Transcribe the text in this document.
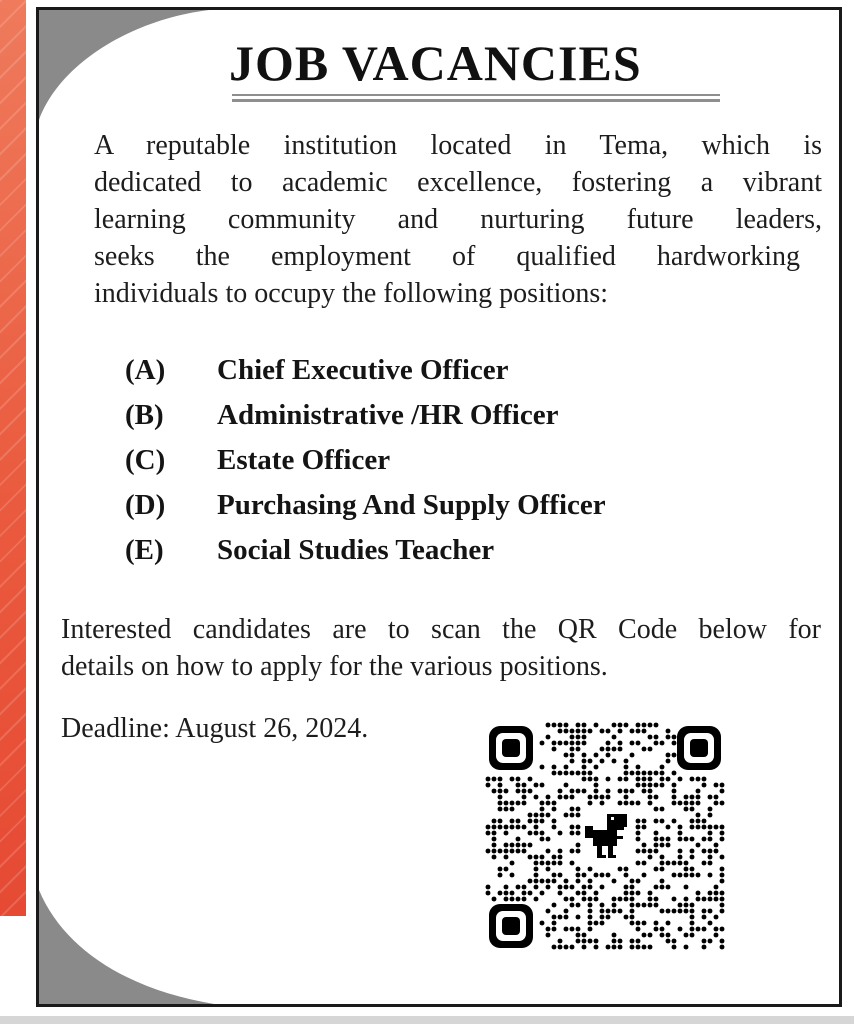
JOB VACANCIES
A reputable institution located in Tema, which is
dedicated to academic excellence, fostering a vibrant
learning community and nurturing future leaders,
seeks the employment of qualified hardworking
individuals to occupy the following positions:
(A)	Chief Executive Officer
(B)	Administrative /HR Officer
(C)	Estate Officer
(D)	Purchasing And Supply Officer
(E)	Social Studies Teacher
Interested candidates are to scan the QR Code below for
details on how to apply for the various positions.
Deadline: August 26, 2024.
